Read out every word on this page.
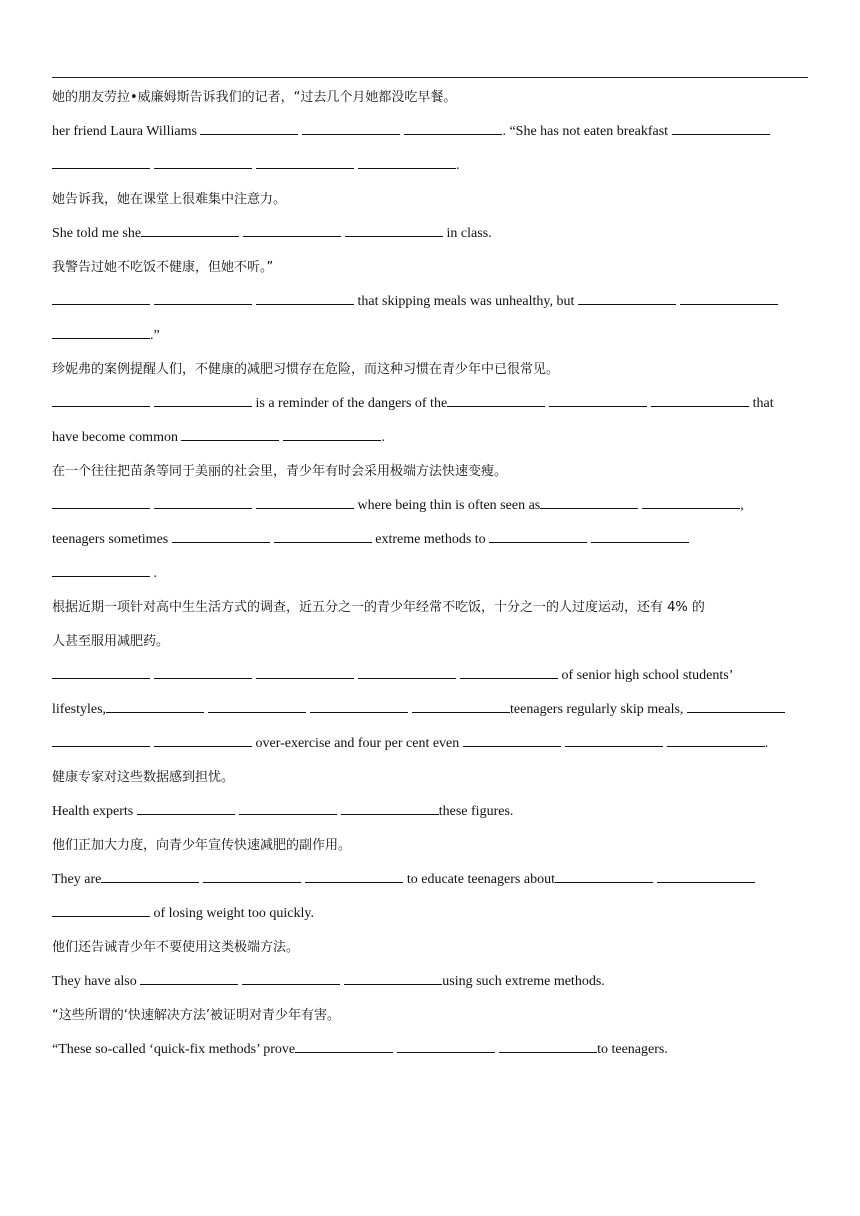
她的朋友劳拉•威廉姆斯告诉我们的记者，“过去几个月她都没吃早餐。
her friend Laura Williams	. “She has not eaten breakfast
.
她告诉我，她在课堂上很难集中注意力。
She told me she	in class.
我警告过她不吃饭不健康，但她不听。”
that skipping meals was unhealthy, but
.”
珍妮弗的案例提醒人们，不健康的减肥习惯存在危险，而这种习惯在青少年中已很常见。
is a reminder of the dangers of the	that
have become common	.
在一个往往把苗条等同于美丽的社会里，青少年有时会采用极端方法快速变瘦。
where being thin is often seen as	,
teenagers sometimes	extreme methods to
.
根据近期一项针对高中生生活方式的调查，近五分之一的青少年经常不吃饭，十分之一的人过度运动，还有 4% 的
人甚至服用减肥药。
of senior high school students’
lifestyles,	teenagers regularly skip meals,
over-exercise and four per cent even	.
健康专家对这些数据感到担忧。
Health experts	these figures.
他们正加大力度，向青少年宣传快速减肥的副作用。
They are	to educate teenagers about
of losing weight too quickly.
他们还告诫青少年不要使用这类极端方法。
They have also	using such extreme methods.
“这些所谓的‘快速解决方法’被证明对青少年有害。
“These so-called ‘quick-fix methods’ prove	to teenagers.
